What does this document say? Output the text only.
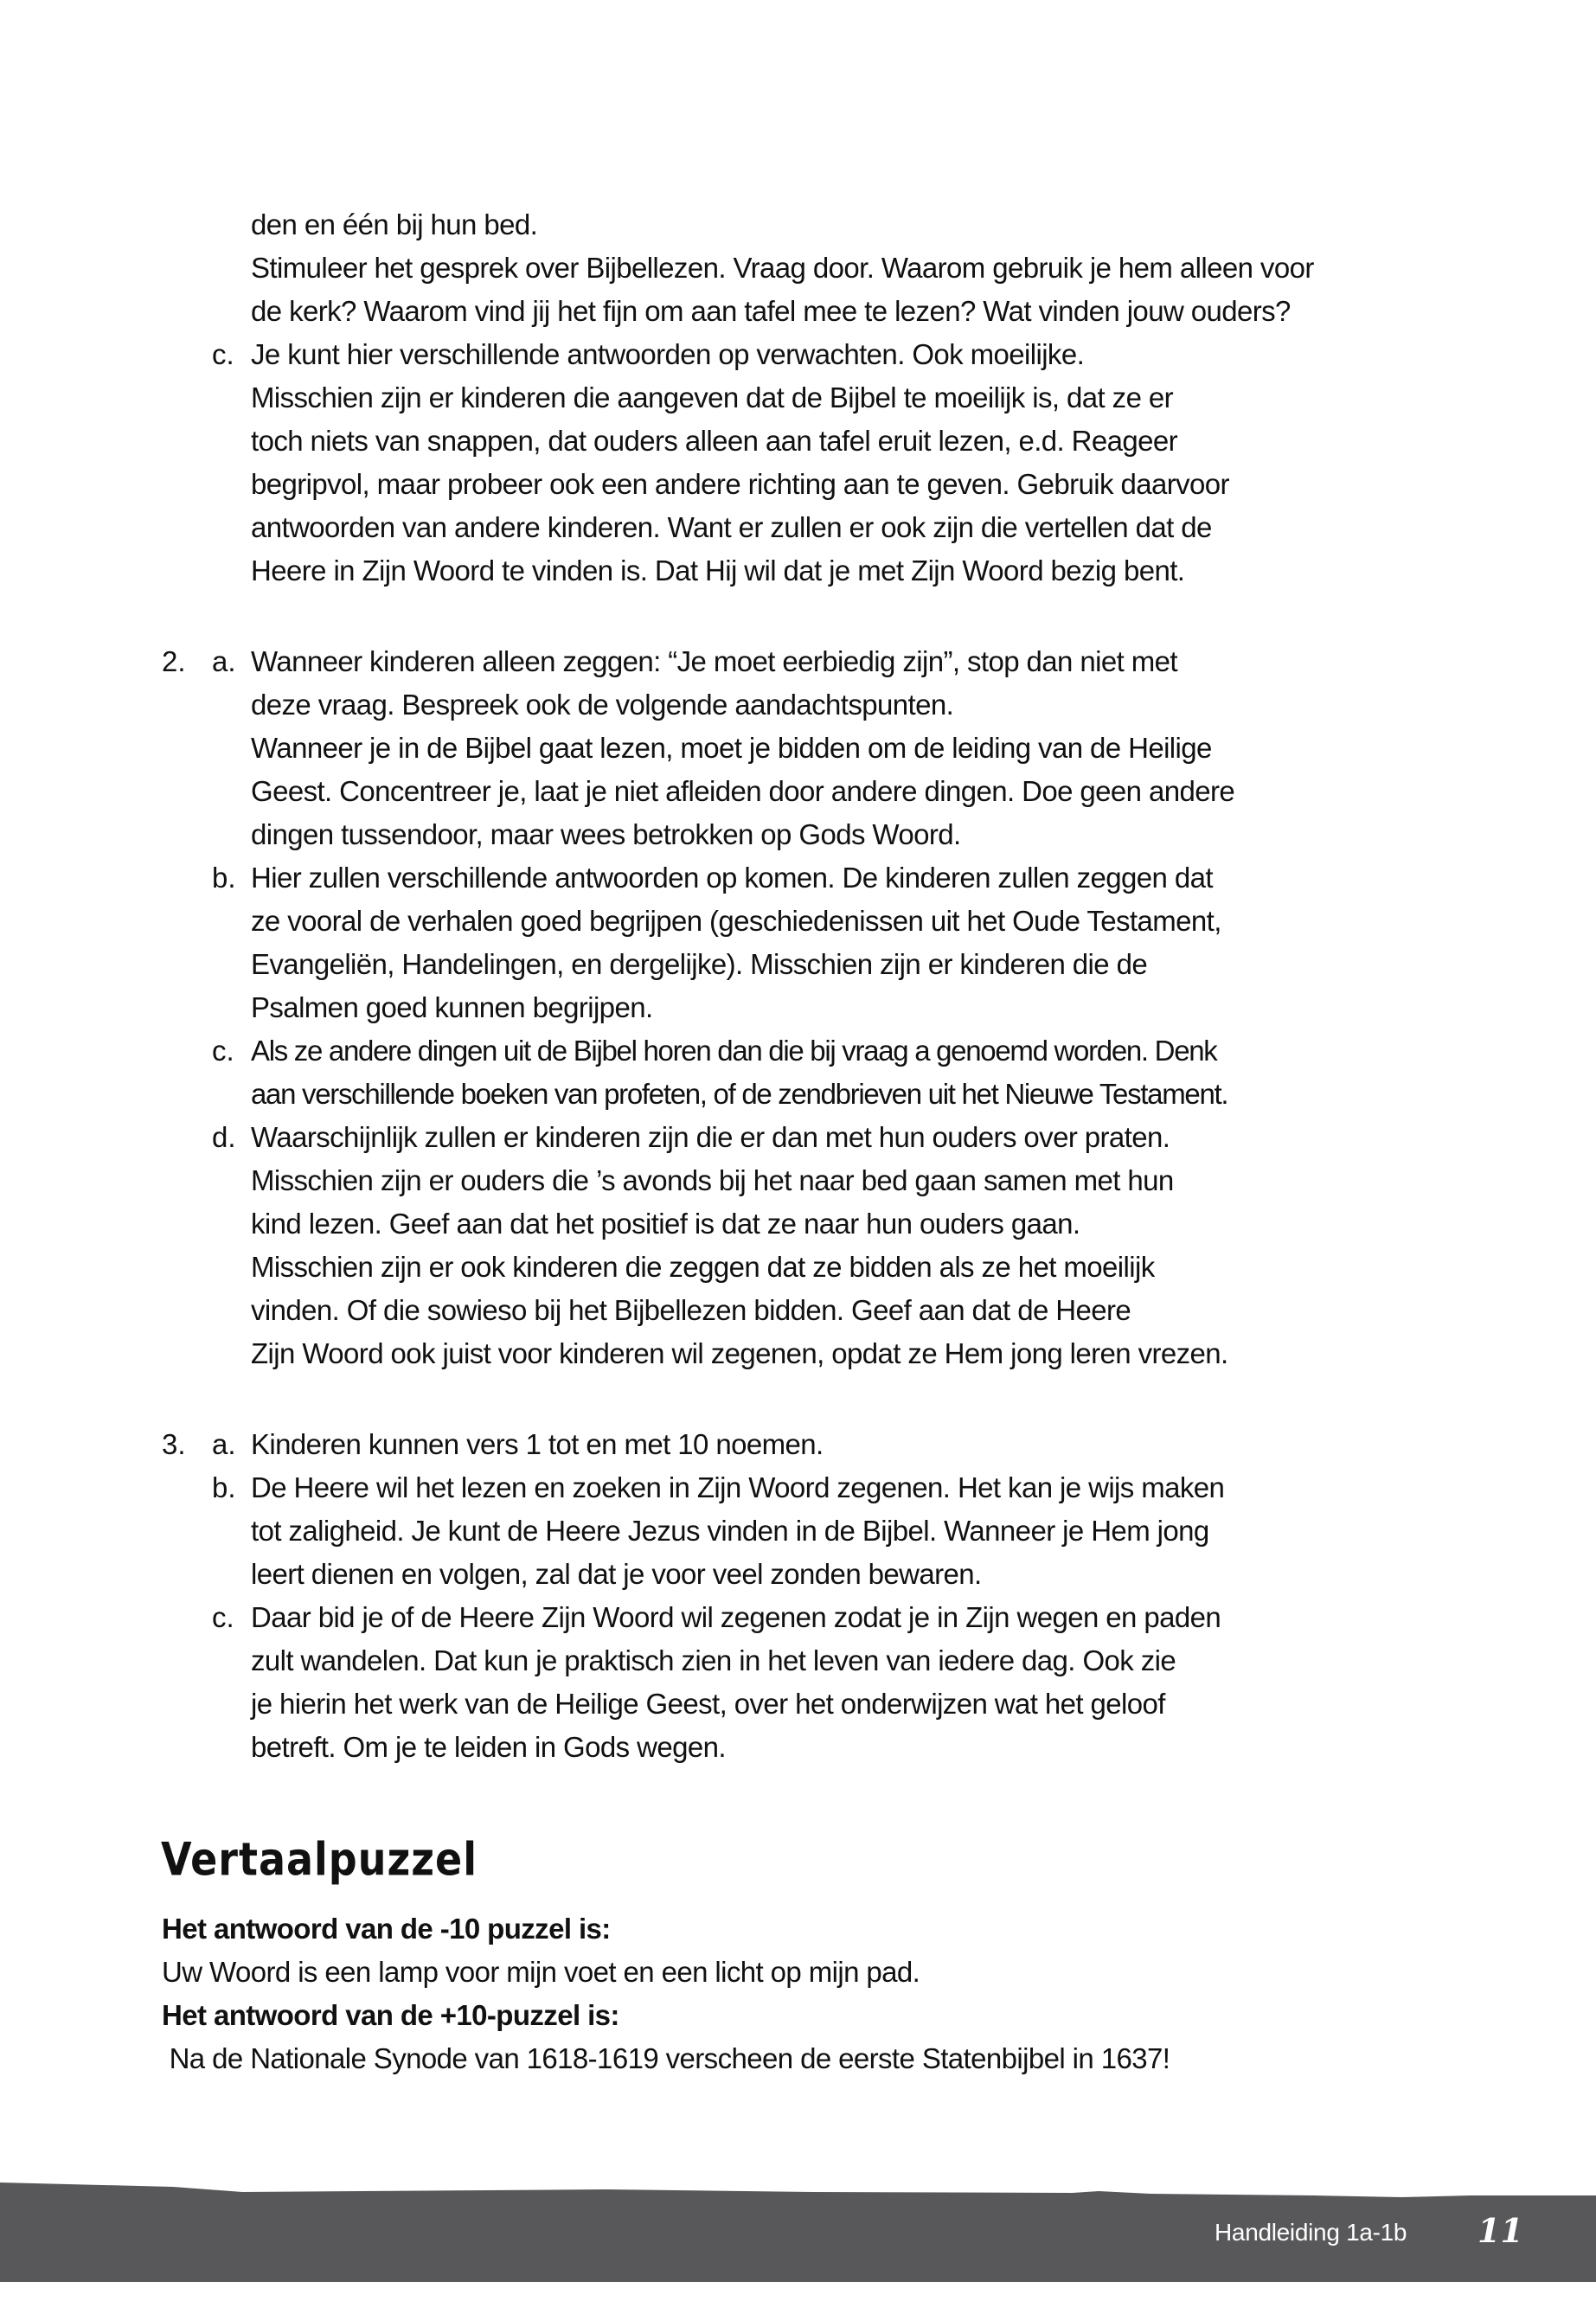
den en één bij hun bed.
Stimuleer het gesprek over Bijbellezen. Vraag door. Waarom gebruik je hem alleen voor
de kerk? Waarom vind jij het fijn om aan tafel mee te lezen? Wat vinden jouw ouders?
c. Je kunt hier verschillende antwoorden op verwachten. Ook moeilijke.
Misschien zijn er kinderen die aangeven dat de Bijbel te moeilijk is, dat ze er
toch niets van snappen, dat ouders alleen aan tafel eruit lezen, e.d. Reageer
begripvol, maar probeer ook een andere richting aan te geven. Gebruik daarvoor
antwoorden van andere kinderen. Want er zullen er ook zijn die vertellen dat de
Heere in Zijn Woord te vinden is. Dat Hij wil dat je met Zijn Woord bezig bent.
2. a. Wanneer kinderen alleen zeggen: “Je moet eerbiedig zijn”, stop dan niet met
deze vraag. Bespreek ook de volgende aandachtspunten.
Wanneer je in de Bijbel gaat lezen, moet je bidden om de leiding van de Heilige
Geest. Concentreer je, laat je niet afleiden door andere dingen. Doe geen andere
dingen tussendoor, maar wees betrokken op Gods Woord.
b. Hier zullen verschillende antwoorden op komen. De kinderen zullen zeggen dat
ze vooral de verhalen goed begrijpen (geschiedenissen uit het Oude Testament,
Evangeliën, Handelingen, en dergelijke). Misschien zijn er kinderen die de
Psalmen goed kunnen begrijpen.
c. Als ze andere dingen uit de Bijbel horen dan die bij vraag a genoemd worden. Denk
aan verschillende boeken van profeten, of de zendbrieven uit het Nieuwe Testament.
d. Waarschijnlijk zullen er kinderen zijn die er dan met hun ouders over praten.
Misschien zijn er ouders die ’s avonds bij het naar bed gaan samen met hun
kind lezen. Geef aan dat het positief is dat ze naar hun ouders gaan.
Misschien zijn er ook kinderen die zeggen dat ze bidden als ze het moeilijk
vinden. Of die sowieso bij het Bijbellezen bidden. Geef aan dat de Heere
Zijn Woord ook juist voor kinderen wil zegenen, opdat ze Hem jong leren vrezen.
3. a. Kinderen kunnen vers 1 tot en met 10 noemen.
b. De Heere wil het lezen en zoeken in Zijn Woord zegenen. Het kan je wijs maken
tot zaligheid. Je kunt de Heere Jezus vinden in de Bijbel. Wanneer je Hem jong
leert dienen en volgen, zal dat je voor veel zonden bewaren.
c. Daar bid je of de Heere Zijn Woord wil zegenen zodat je in Zijn wegen en paden
zult wandelen. Dat kun je praktisch zien in het leven van iedere dag. Ook zie
je hierin het werk van de Heilige Geest, over het onderwijzen wat het geloof
betreft. Om je te leiden in Gods wegen.
Vertaalpuzzel
Het antwoord van de -10 puzzel is:
Uw Woord is een lamp voor mijn voet en een licht op mijn pad.
Het antwoord van de +10-puzzel is:
Na de Nationale Synode van 1618-1619 verscheen de eerste Statenbijbel in 1637!
Handleiding 1a-1b 11
